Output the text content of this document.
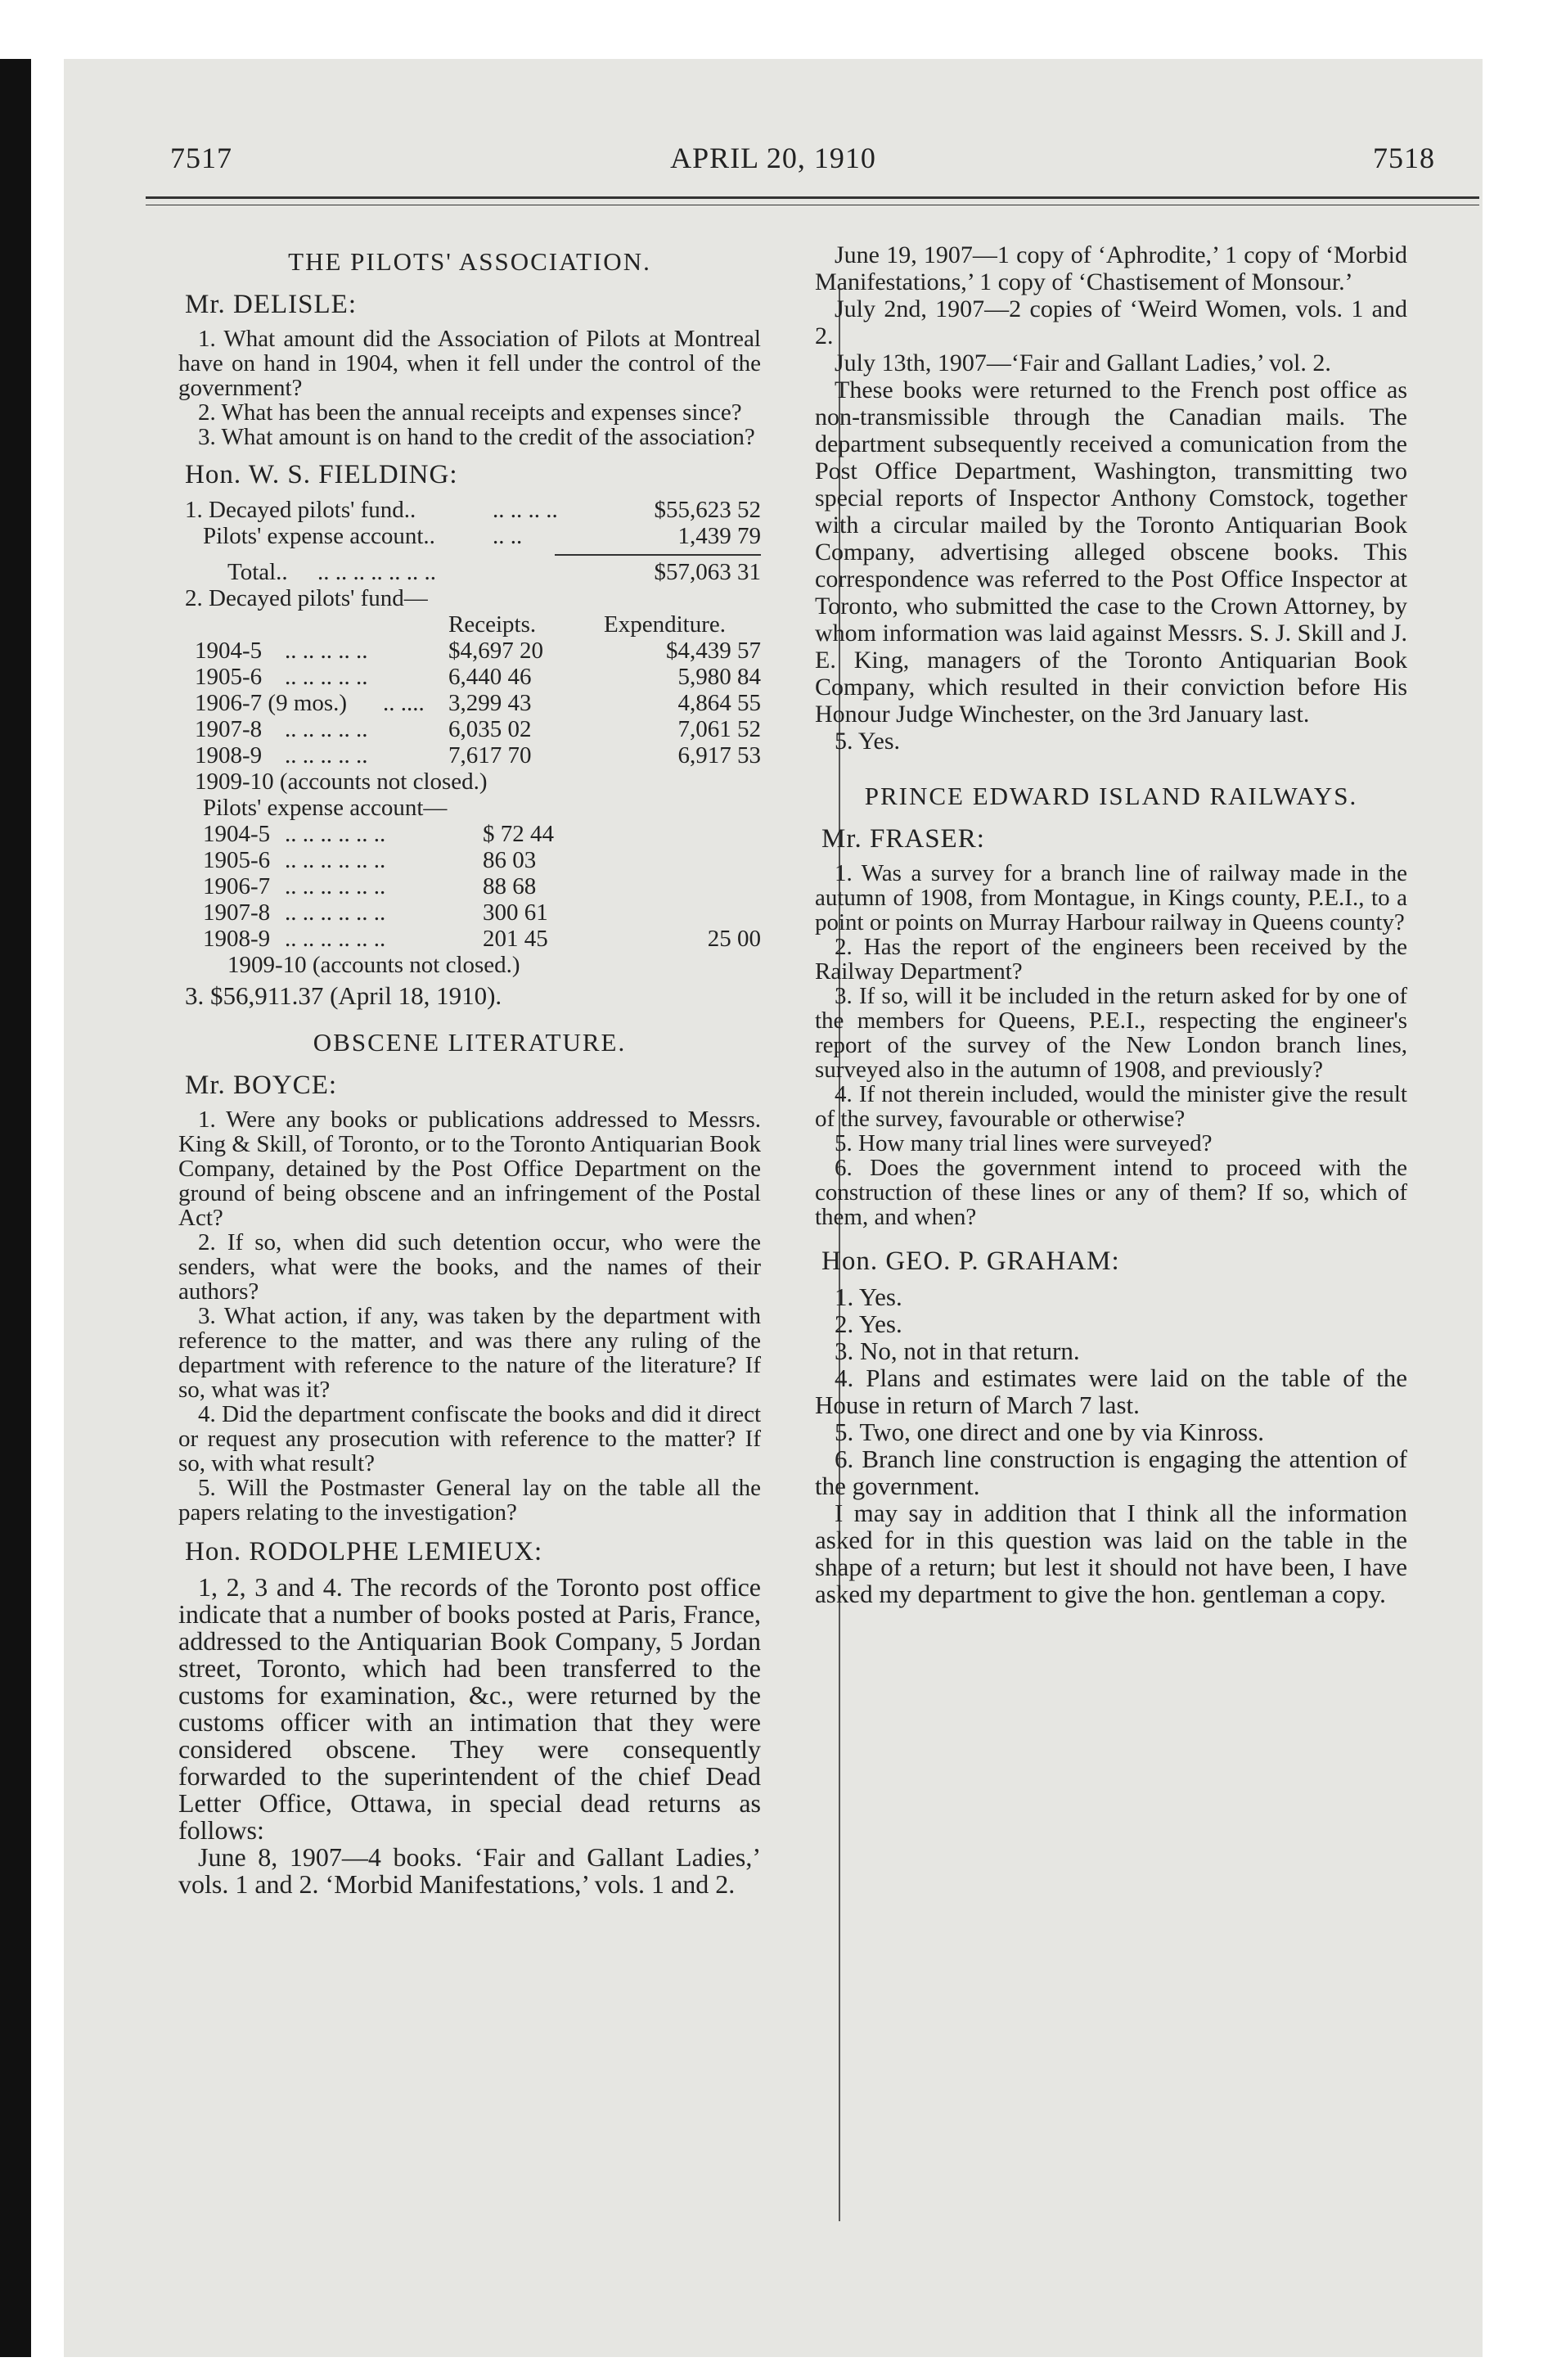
7517	APRIL 20, 1910	7518
THE PILOTS' ASSOCIATION.
Mr. DELISLE:

1. What amount did the Association of Pilots at Montreal have on hand in 1904, when it fell under the control of the government?

2. What has been the annual receipts and expenses since?

3. What amount is on hand to the credit of the association?

Hon. W. S. FIELDING:
1. Decayed pilots' fund..	.. .. .. ..	$55,623 52
Pilots' expense account.. .. ..	1,439 79
Total.. .. .. .. .. .. .. ..	$57,063 31
2. Decayed pilots' fund—
Receipts.	Expenditure.
1904-5 .. .. .. .. ..	$4,697 20	$4,439 57
1905-6 .. .. .. .. ..	6,440 46	5,980 84
1906-7 (9 mos.) .. .... 3,299 43	4,864 55
1907-8 .. .. .. .. ..	6,035 02	7,061 52
1908-9 .. .. .. .. ..	7,617 70	6,917 53
1909-10 (accounts not closed.)
Pilots' expense account—
1904-5 .. .. .. .. .. ..	$ 72 44
1905-6 .. .. .. .. .. ..	86 03
1906-7 .. .. .. .. .. ..	88 68
1907-8 .. .. .. .. .. ..	300 61
1908-9 .. .. .. .. .. ..	201 45	25 00
1909-10 (accounts not closed.)
3. $56,911.37 (April 18, 1910).
OBSCENE LITERATURE.
Mr. BOYCE:

1. Were any books or publications addressed to Messrs. King & Skill, of Toronto, or to the Toronto Antiquarian Book Company, detained by the Post Office Department on the ground of being obscene and an infringement of the Postal Act?

2. If so, when did such detention occur, who were the senders, what were the books, and the names of their authors?

3. What action, if any, was taken by the department with reference to the matter, and was there any ruling of the department with reference to the nature of the literature? If so, what was it?

4. Did the department confiscate the books and did it direct or request any prosecution with reference to the matter? If so, with what result?

5. Will the Postmaster General lay on the table all the papers relating to the investigation?

Hon. RODOLPHE LEMIEUX:

1, 2, 3 and 4. The records of the Toronto post office indicate that a number of books posted at Paris, France, addressed to the Antiquarian Book Company, 5 Jordan street, Toronto, which had been transferred to the customs for examination, &c., were returned by the customs officer with an intimation that they were considered obscene. They were consequently forwarded to the superintendent of the chief Dead Letter Office, Ottawa, in special dead returns as follows:

June 8, 1907—4 books. ‘Fair and Gallant Ladies,’ vols. 1 and 2. ‘Morbid Manifestations,’ vols. 1 and 2.

June 19, 1907—1 copy of ‘Aphrodite,’ 1 copy of ‘Morbid Manifestations,’ 1 copy of ‘Chastisement of Monsour.’

July 2nd, 1907—2 copies of ‘Weird Women, vols. 1 and 2.

July 13th, 1907—‘Fair and Gallant Ladies,’ vol. 2.

These books were returned to the French post office as non-transmissible through the Canadian mails. The department subsequently received a comunication from the Post Office Department, Washington, transmitting two special reports of Inspector Anthony Comstock, together with a circular mailed by the Toronto Antiquarian Book Company, advertising alleged obscene books. This correspondence was referred to the Post Office Inspector at Toronto, who submitted the case to the Crown Attorney, by whom information was laid against Messrs. S. J. Skill and J. E. King, managers of the Toronto Antiquarian Book Company, which resulted in their conviction before His Honour Judge Winchester, on the 3rd January last.

5. Yes.

PRINCE EDWARD ISLAND RAILWAYS.
Mr. FRASER:

1. Was a survey for a branch line of railway made in the autumn of 1908, from Montague, in Kings county, P.E.I., to a point or points on Murray Harbour railway in Queens county?

2. Has the report of the engineers been received by the Railway Department?

3. If so, will it be included in the return asked for by one of the members for Queens, P.E.I., respecting the engineer's report of the survey of the New London branch lines, surveyed also in the autumn of 1908, and previously?

4. If not therein included, would the minister give the result of the survey, favourable or otherwise?

5. How many trial lines were surveyed?

6. Does the government intend to proceed with the construction of these lines or any of them? If so, which of them, and when?

Hon. GEO. P. GRAHAM:

1. Yes.

2. Yes.

3. No, not in that return.

4. Plans and estimates were laid on the table of the House in return of March 7 last.

5. Two, one direct and one by via Kinross.

6. Branch line construction is engaging the attention of the government.

I may say in addition that I think all the information asked for in this question was laid on the table in the shape of a return; but lest it should not have been, I have asked my department to give the hon. gentleman a copy.
